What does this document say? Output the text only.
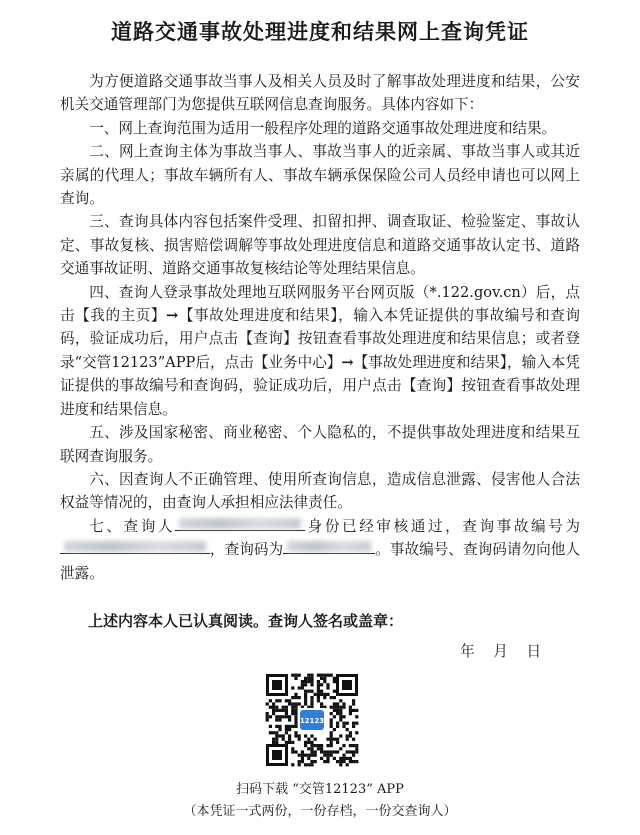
道路交通事故处理进度和结果网上查询凭证

为方便道路交通事故当事人及相关人员及时了解事故处理进度和结果，公安机关交通管理部门为您提供互联网信息查询服务。具体内容如下：

一、网上查询范围为适用一般程序处理的道路交通事故处理进度和结果。

二、网上查询主体为事故当事人、事故当事人的近亲属、事故当事人或其近亲属的代理人；事故车辆所有人、事故车辆承保保险公司人员经申请也可以网上查询。

三、查询具体内容包括案件受理、扣留扣押、调查取证、检验鉴定、事故认定、事故复核、损害赔偿调解等事故处理进度信息和道路交通事故认定书、道路交通事故证明、道路交通事故复核结论等处理结果信息。

四、查询人登录事故处理地互联网服务平台网页版（*.122.gov.cn）后，点击【我的主页】→【事故处理进度和结果】，输入本凭证提供的事故编号和查询码，验证成功后，用户点击【查询】按钮查看事故处理进度和结果信息；或者登录“交管12123”APP后，点击【业务中心】→【事故处理进度和结果】，输入本凭证提供的事故编号和查询码，验证成功后，用户点击【查询】按钮查看事故处理进度和结果信息。

五、涉及国家秘密、商业秘密、个人隐私的，不提供事故处理进度和结果互联网查询服务。

六、因查询人不正确管理、使用所查询信息，造成信息泄露、侵害他人合法权益等情况的，由查询人承担相应法律责任。

七、查询人	身份已经审核通过，查询事故编号为
，查询码为	。事故编号、查询码请勿向他人泄露。

上述内容本人已认真阅读。查询人签名或盖章：
年 月 日
12123
扫码下载 “交管12123” APP
（本凭证一式两份，一份存档，一份交查询人）
